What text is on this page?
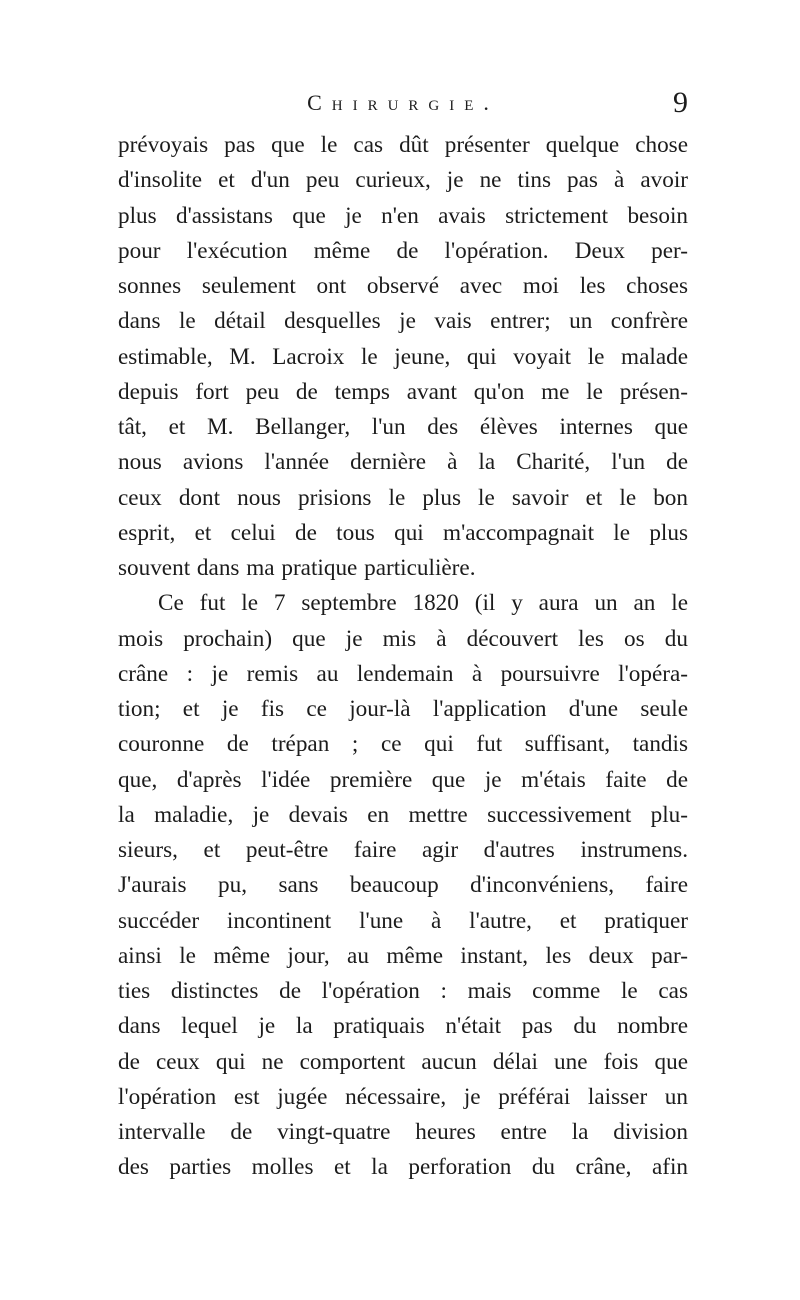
Chirurgie.	9
prévoyais pas que le cas dût présenter quelque chose
d'insolite et d'un peu curieux, je ne tins pas à avoir
plus d'assistans que je n'en avais strictement besoin
pour l'exécution même de l'opération. Deux per-
sonnes seulement ont observé avec moi les choses
dans le détail desquelles je vais entrer; un confrère
estimable, M. Lacroix le jeune, qui voyait le malade
depuis fort peu de temps avant qu'on me le présen-
tât, et M. Bellanger, l'un des élèves internes que
nous avions l'année dernière à la Charité, l'un de
ceux dont nous prisions le plus le savoir et le bon
esprit, et celui de tous qui m'accompagnait le plus
souvent dans ma pratique particulière.
Ce fut le 7 septembre 1820 (il y aura un an le
mois prochain) que je mis à découvert les os du
crâne : je remis au lendemain à poursuivre l'opéra-
tion; et je fis ce jour-là l'application d'une seule
couronne de trépan ; ce qui fut suffisant, tandis
que, d'après l'idée première que je m'étais faite de
la maladie, je devais en mettre successivement plu-
sieurs, et peut-être faire agir d'autres instrumens.
J'aurais pu, sans beaucoup d'inconvéniens, faire
succéder incontinent l'une à l'autre, et pratiquer
ainsi le même jour, au même instant, les deux par-
ties distinctes de l'opération : mais comme le cas
dans lequel je la pratiquais n'était pas du nombre
de ceux qui ne comportent aucun délai une fois que
l'opération est jugée nécessaire, je préférai laisser un
intervalle de vingt-quatre heures entre la division
des parties molles et la perforation du crâne, afin
